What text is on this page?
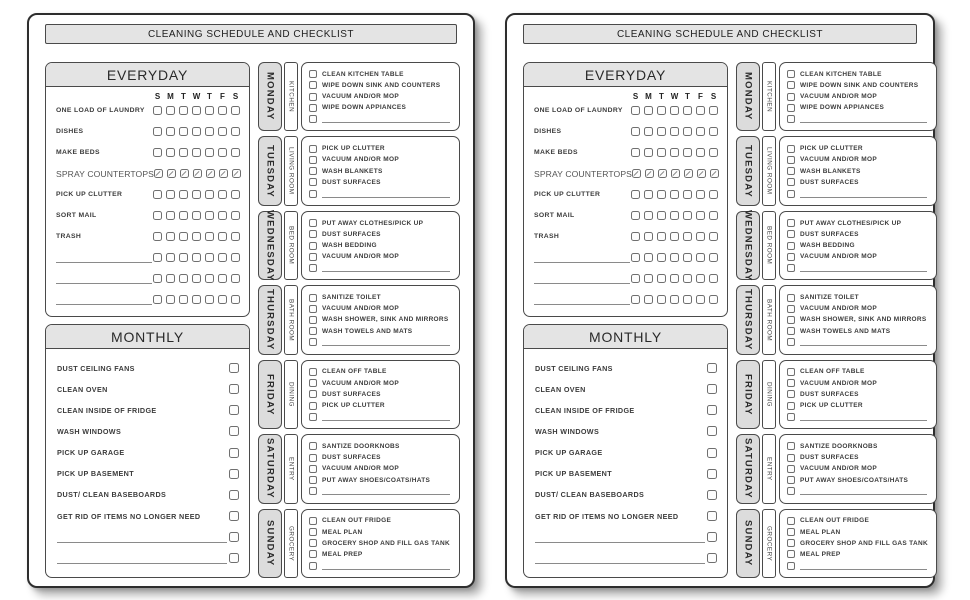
CLEANING SCHEDULE AND CHECKLIST
EVERYDAY
S M T W T F S
ONE LOAD OF LAUNDRY
DISHES
MAKE BEDS
SPRAY COUNTERTOPS
PICK UP CLUTTER
SORT MAIL
TRASH
MONTHLY
DUST CEILING FANS
CLEAN OVEN
CLEAN INSIDE OF FRIDGE
WASH WINDOWS
PICK UP GARAGE
PICK UP BASEMENT
DUST/ CLEAN BASEBOARDS
GET RID OF ITEMS NO LONGER NEED
MONDAY KITCHEN
CLEAN KITCHEN TABLE
WIPE DOWN SINK AND COUNTERS
VACUUM AND/OR MOP
WIPE DOWN APPIANCES
TUESDAY LIVING ROOM	PICK UP CLUTTER
VACUUM AND/OR MOP
WASH BLANKETS
DUST SURFACES
WEDNESDAY BED ROOM
PUT AWAY CLOTHES/PICK UP
DUST SURFACES
WASH BEDDING
VACUUM AND/OR MOP
THURSDAY BATH ROOM
SANITIZE TOILET
VACUUM AND/OR MOP
WASH SHOWER, SINK AND MIRRORS
WASH TOWELS AND MATS
FRIDAY DINING
CLEAN OFF TABLE
VACUUM AND/OR MOP
DUST SURFACES
PICK UP CLUTTER
SATURDAY ENTRY
SANTIZE DOORKNOBS
DUST SURFACES
VACUUM AND/OR MOP
PUT AWAY SHOES/COATS/HATS
SUNDAY GROCERY
CLEAN OUT FRIDGE
MEAL PLAN
GROCERY SHOP AND FILL GAS TANK
MEAL PREP
CLEANING SCHEDULE AND CHECKLIST
EVERYDAY
S M T W T F S
ONE LOAD OF LAUNDRY
DISHES
MAKE BEDS
SPRAY COUNTERTOPS
PICK UP CLUTTER
SORT MAIL
TRASH
MONTHLY
DUST CEILING FANS
CLEAN OVEN
CLEAN INSIDE OF FRIDGE
WASH WINDOWS
PICK UP GARAGE
PICK UP BASEMENT
DUST/ CLEAN BASEBOARDS
GET RID OF ITEMS NO LONGER NEED
MONDAY KITCHEN
CLEAN KITCHEN TABLE
WIPE DOWN SINK AND COUNTERS
VACUUM AND/OR MOP
WIPE DOWN APPIANCES
TUESDAY LIVING ROOM	PICK UP CLUTTER
VACUUM AND/OR MOP
WASH BLANKETS
DUST SURFACES
WEDNESDAY BED ROOM
PUT AWAY CLOTHES/PICK UP
DUST SURFACES
WASH BEDDING
VACUUM AND/OR MOP
THURSDAY BATH ROOM
SANITIZE TOILET
VACUUM AND/OR MOP
WASH SHOWER, SINK AND MIRRORS
WASH TOWELS AND MATS
FRIDAY DINING
CLEAN OFF TABLE
VACUUM AND/OR MOP
DUST SURFACES
PICK UP CLUTTER
SATURDAY ENTRY
SANTIZE DOORKNOBS
DUST SURFACES
VACUUM AND/OR MOP
PUT AWAY SHOES/COATS/HATS
SUNDAY GROCERY
CLEAN OUT FRIDGE
MEAL PLAN
GROCERY SHOP AND FILL GAS TANK
MEAL PREP
